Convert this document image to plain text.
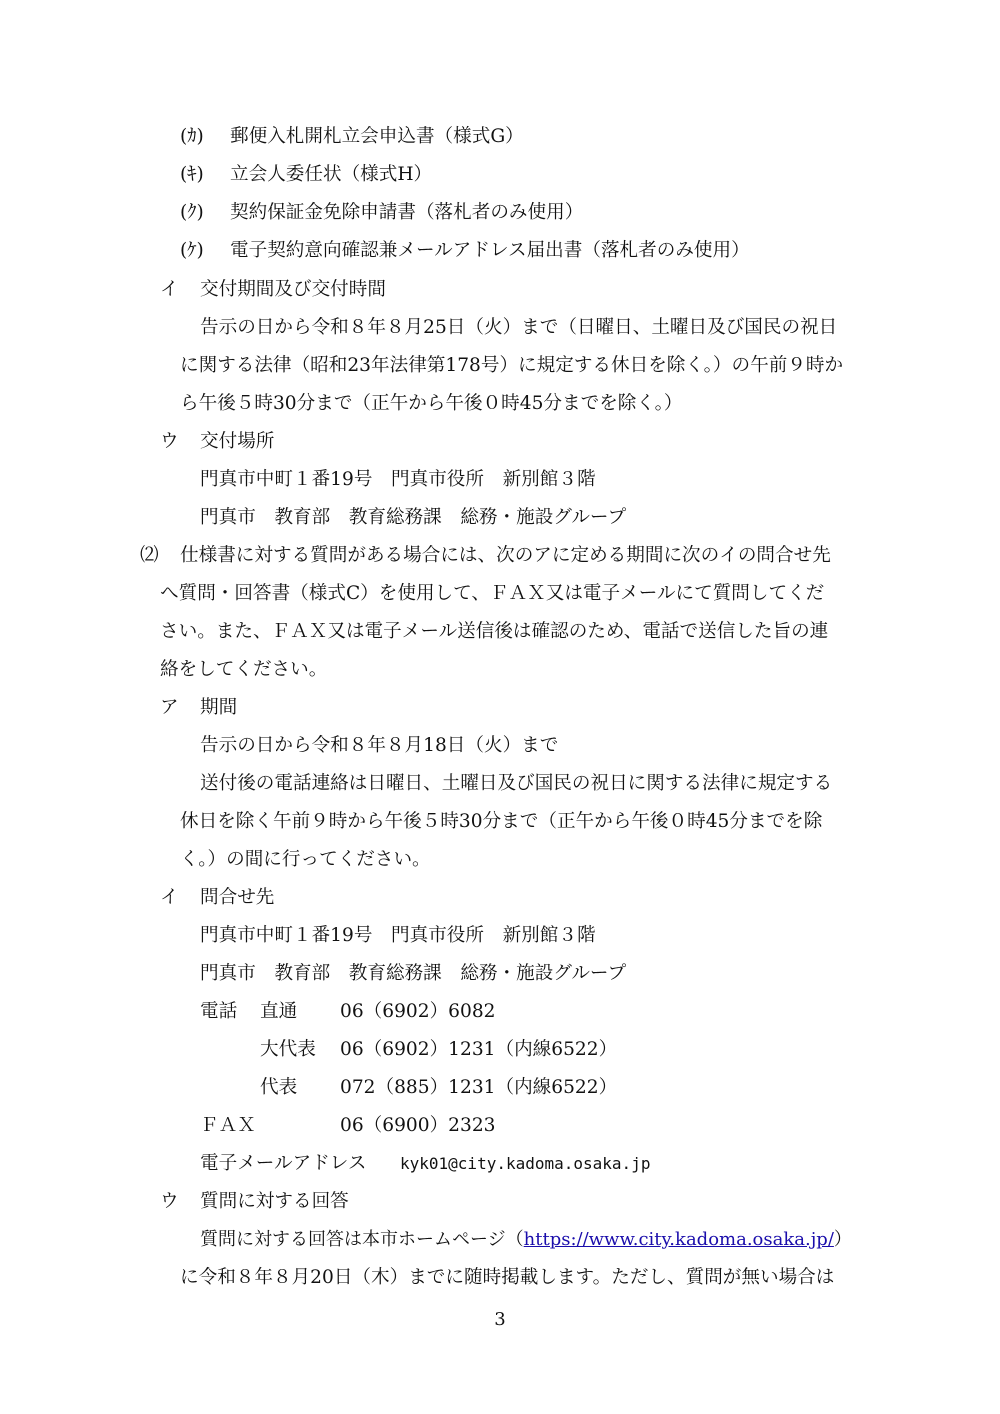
(ｶ) 郵便入札開札立会申込書（様式G）
(ｷ) 立会人委任状（様式H）
(ｸ) 契約保証金免除申請書（落札者のみ使用）
(ｹ) 電子契約意向確認兼メールアドレス届出書（落札者のみ使用）
イ 交付期間及び交付時間
告示の日から令和８年８月25日（火）まで（日曜日、土曜日及び国民の祝日
に関する法律（昭和23年法律第178号）に規定する休日を除く。）の午前９時か
ら午後５時30分まで（正午から午後０時45分までを除く。）
ウ 交付場所
門真市中町１番19号　門真市役所　新別館３階
門真市　教育部　教育総務課　総務・施設グループ
⑵ 仕様書に対する質問がある場合には、次のアに定める期間に次のイの問合せ先
へ質問・回答書（様式C）を使用して、ＦＡＸ又は電子メールにて質問してくだ
さい。また、ＦＡＸ又は電子メール送信後は確認のため、電話で送信した旨の連
絡をしてください。
ア 期間
告示の日から令和８年８月18日（火）まで
送付後の電話連絡は日曜日、土曜日及び国民の祝日に関する法律に規定する
休日を除く午前９時から午後５時30分まで（正午から午後０時45分までを除
く。）の間に行ってください。
イ 問合せ先
門真市中町１番19号　門真市役所　新別館３階
門真市　教育部　教育総務課　総務・施設グループ
電話 直通 06（6902）6082
大代表 06（6902）1231（内線6522）
代表 072（885）1231（内線6522）
ＦＡＸ	06（6900）2323
電子メールアドレス kyk01@city.kadoma.osaka.jp
ウ 質問に対する回答
質問に対する回答は本市ホームページ（https://www.city.kadoma.osaka.jp/）
に令和８年８月20日（木）までに随時掲載します。ただし、質問が無い場合は
3
